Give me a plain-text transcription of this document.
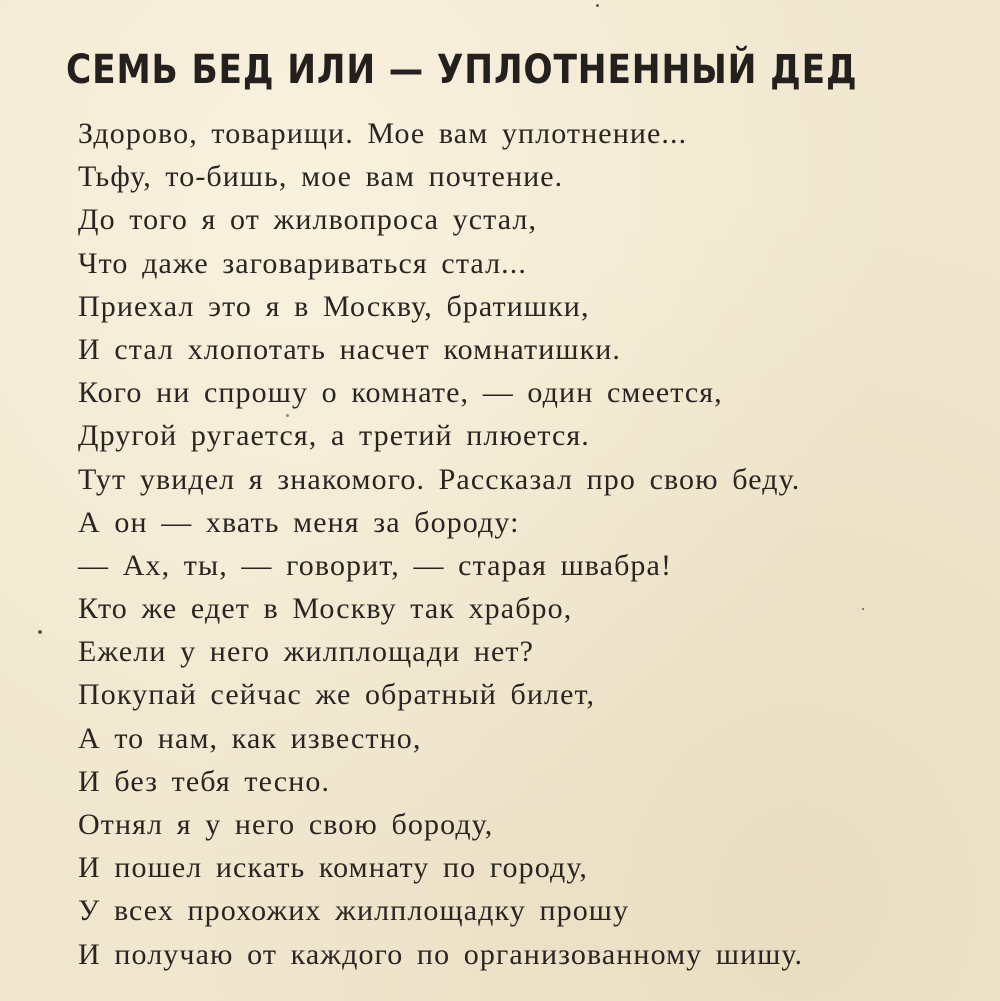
СЕМЬ БЕД ИЛИ — УПЛОТНЕННЫЙ ДЕД
Здорово, товарищи. Мое вам уплотнение...
Тьфу, то-бишь, мое вам почтение.
До того я от жилвопроса устал,
Что даже заговариваться стал...
Приехал это я в Москву, братишки,
И стал хлопотать насчет комнатишки.
Кого ни спрошу о комнате, — один смеется,
Другой ругается, а третий плюется.
Тут увидел я знакомого. Рассказал про свою беду.
А он — хвать меня за бороду:
— Ах, ты, — говорит, — старая швабра!
Кто же едет в Москву так храбро,
Ежели у него жилплощади нет?
Покупай сейчас же обратный билет,
А то нам, как известно,
И без тебя тесно.
Отнял я у него свою бороду,
И пошел искать комнату по городу,
У всех прохожих жилплощадку прошу
И получаю от каждого по организованному шишу.
